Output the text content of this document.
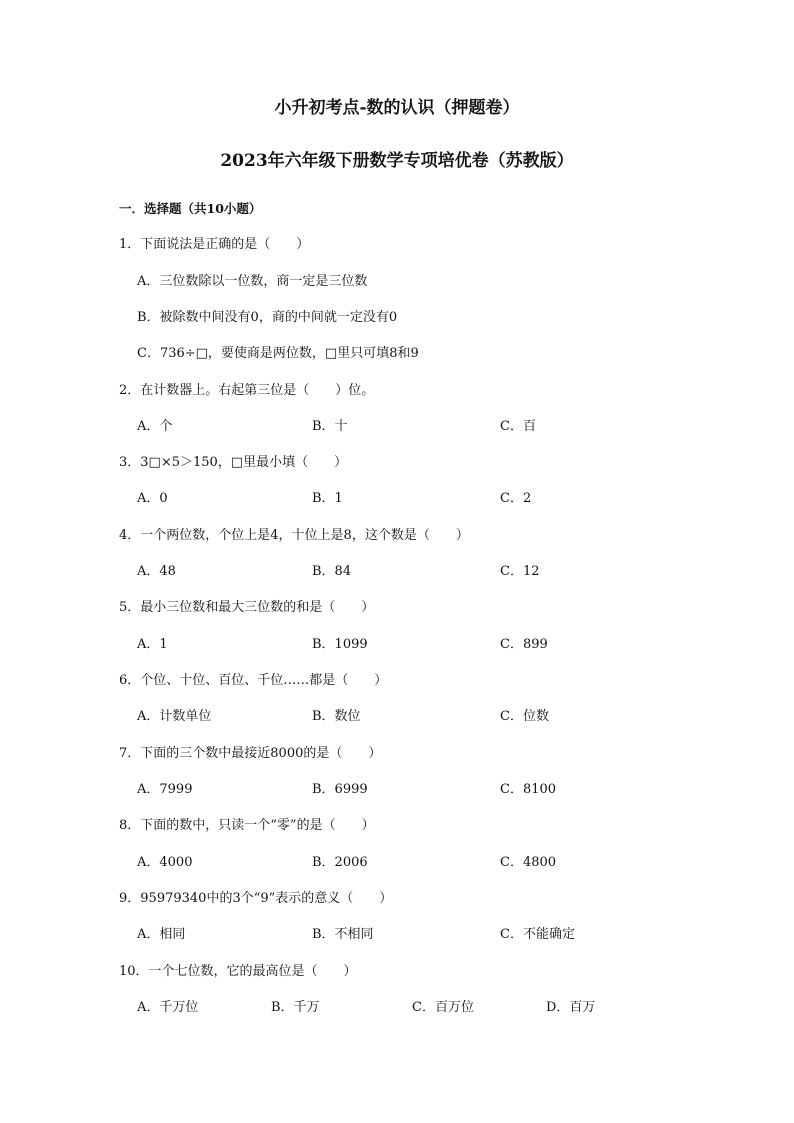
小升初考点-数的认识（押题卷）
2023年六年级下册数学专项培优卷（苏教版）
一．选择题（共10小题）
1．下面说法是正确的是（　　）
A．三位数除以一位数，商一定是三位数
B．被除数中间没有0，商的中间就一定没有0
C．736÷□，要使商是两位数，□里只可填8和9
2．在计数器上。右起第三位是（　　）位。
A．个	B．十	C．百
3．3□×5＞150，□里最小填（　　）
A．0	B．1	C．2
4．一个两位数，个位上是4，十位上是8，这个数是（　　）
A．48	B．84	C．12
5．最小三位数和最大三位数的和是（　　）
A．1	B．1099	C．899
6．个位、十位、百位、千位……都是（　　）
A．计数单位	B．数位	C．位数
7．下面的三个数中最接近8000的是（　　）
A．7999	B．6999	C．8100
8．下面的数中，只读一个“零”的是（　　）
A．4000	B．2006	C．4800
9．95979340中的3个“9”表示的意义（　　）
A．相同	B．不相同	C．不能确定
10．一个七位数，它的最高位是（　　）
A．千万位	B．千万	C．百万位	D．百万
